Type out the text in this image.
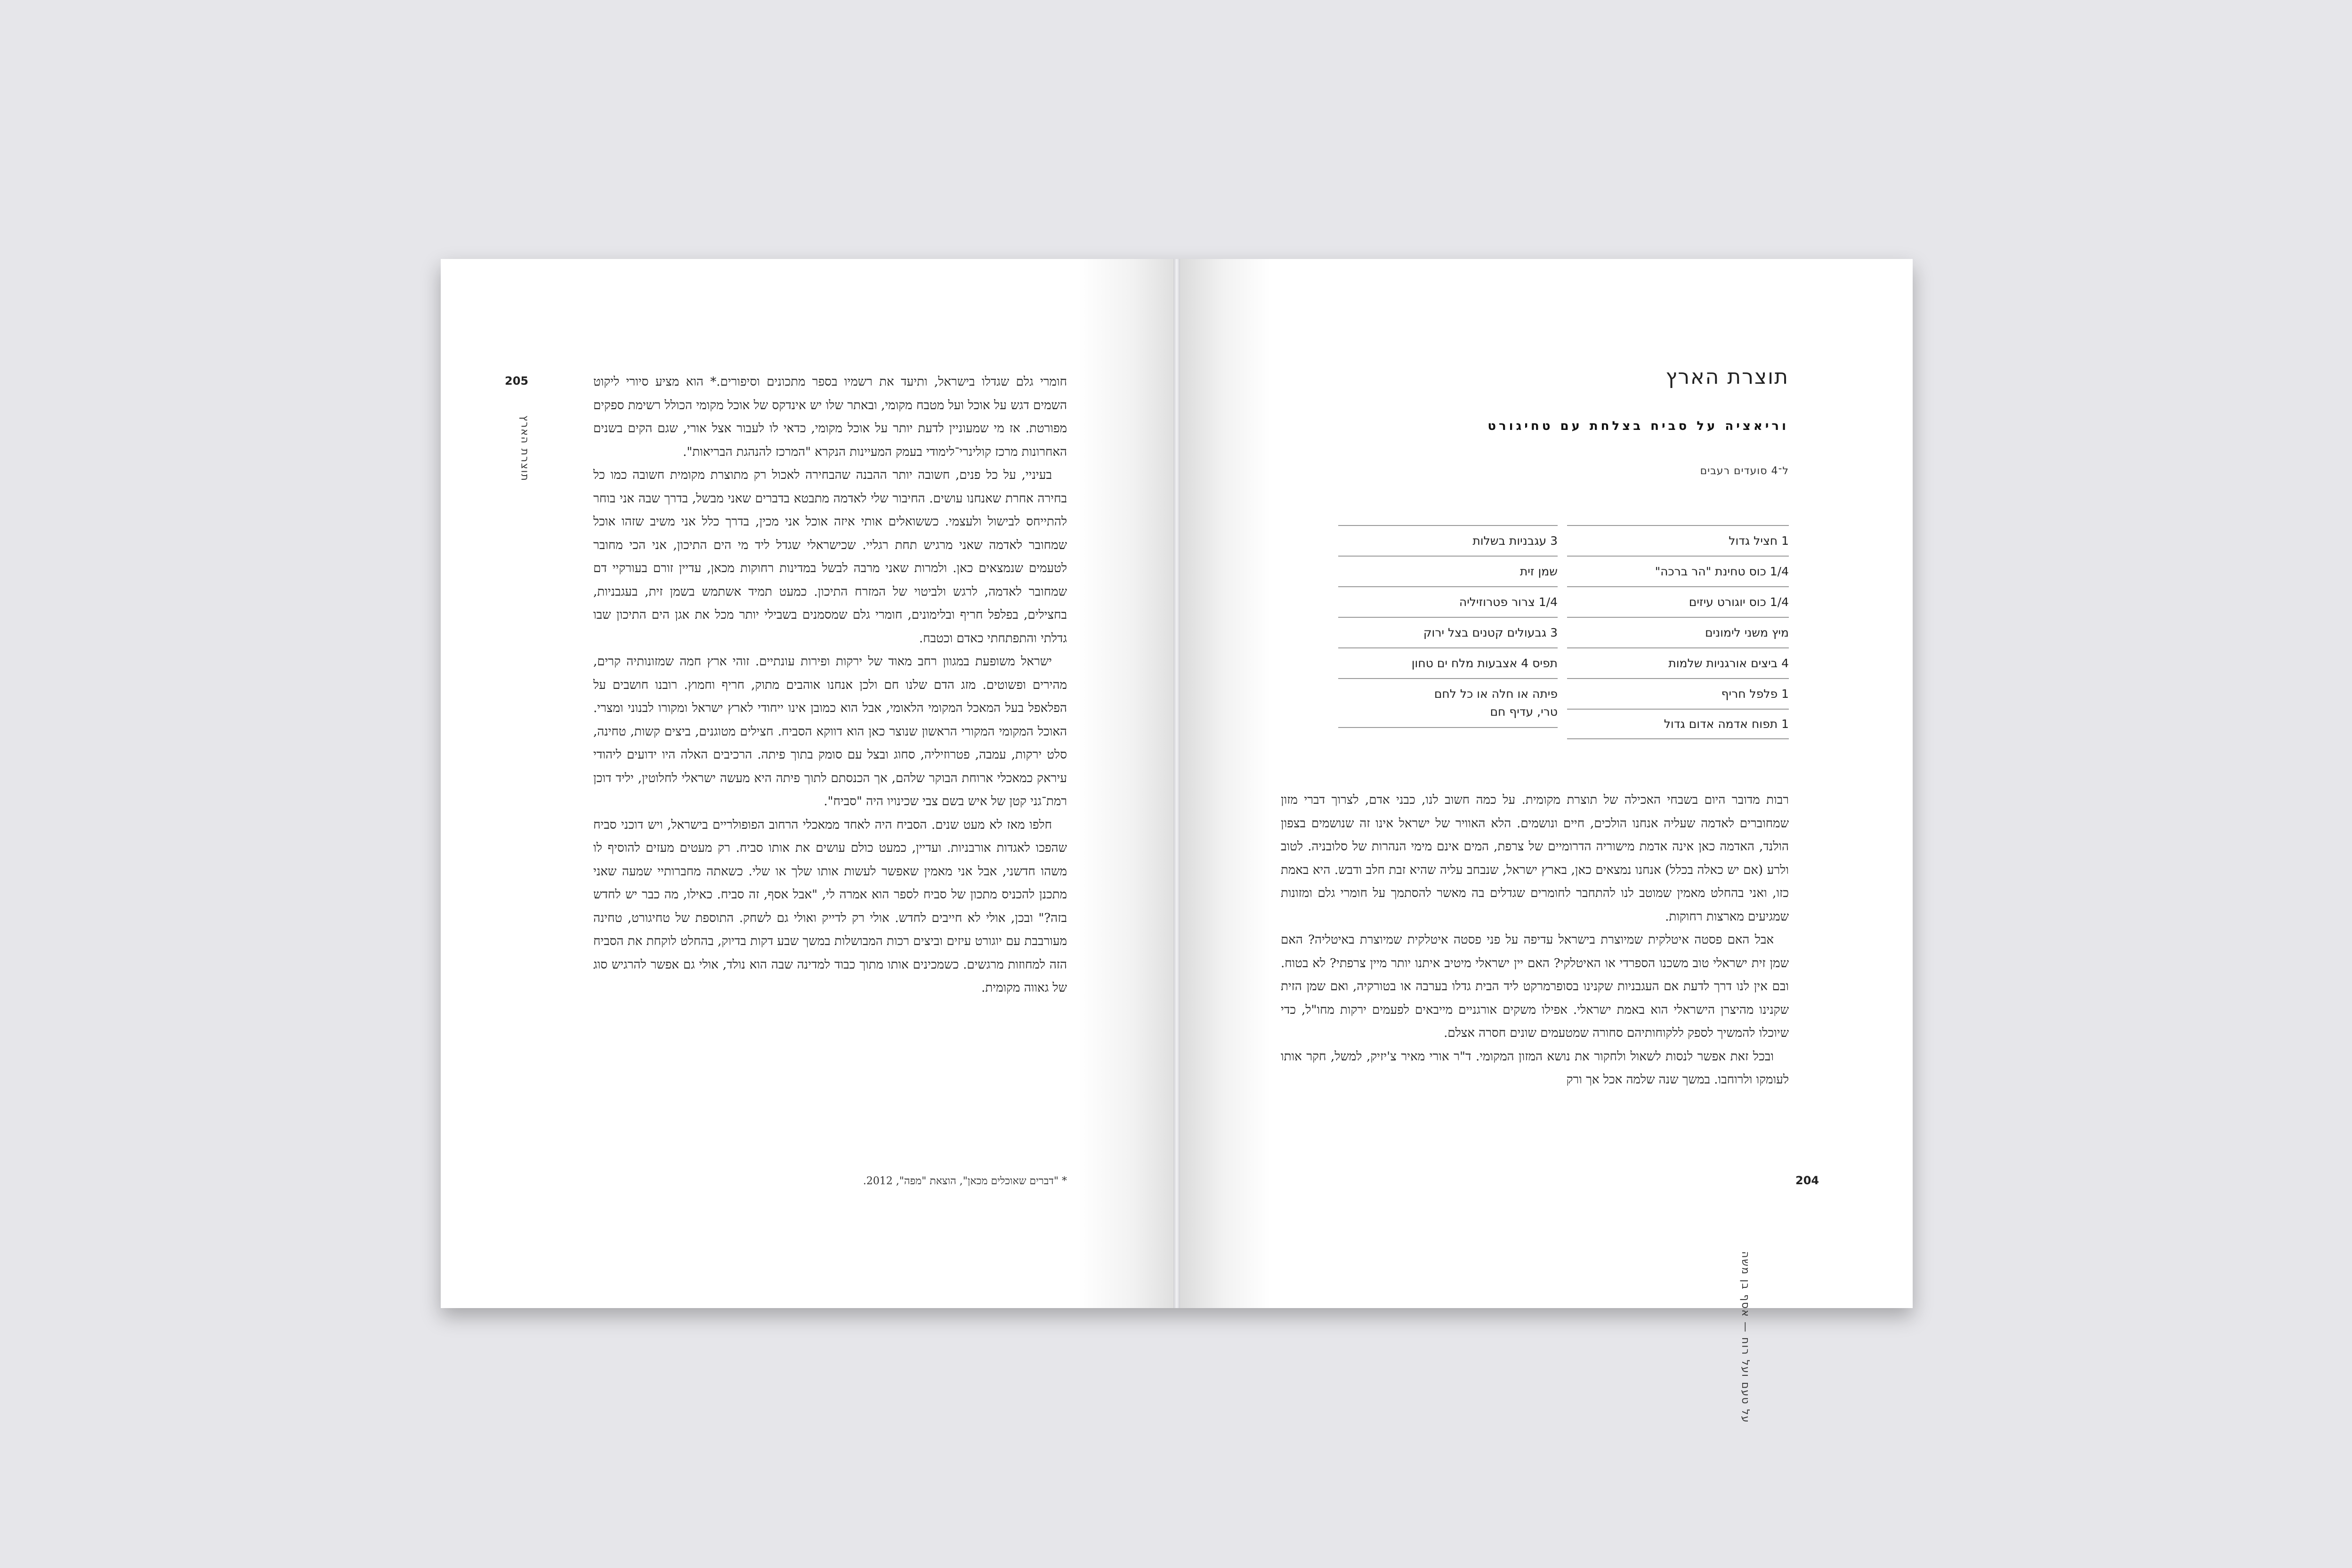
205
תוצרת הארץ

חומרי גלם שגדלו בישראל, ותיעד את רשמיו בספר מתכונים וסיפורים.* הוא מציע סיורי ליקוט השמים דגש על אוכל ועל מטבח מקומי, ובאתר שלו יש אינדקס של אוכל מקומי הכולל רשימת ספקים מפורטת. אז מי שמעוניין לדעת יותר על אוכל מקומי, כדאי לו לעבור אצל אורי, שגם הקים בשנים האחרונות מרכז קולינרי־לימודי בעמק המעיינות הנקרא "המרכז להנהגת הבריאות".

בעיניי, על כל פנים, חשובה יותר ההבנה שהבחירה לאכול רק מתוצרת מקומית חשובה כמו כל בחירה אחרת שאנחנו עושים. החיבור שלי לאדמה מתבטא בדברים שאני מבשל, בדרך שבה אני בוחר להתייחס לבישול ולעצמי. כששואלים אותי איזה אוכל אני מכין, בדרך כלל אני משיב שזהו אוכל שמחובר לאדמה שאני מרגיש תחת רגליי. שכישראלי שגדל ליד מי הים התיכון, אני הכי מחובר לטעמים שנמצאים כאן. ולמרות שאני מרבה לבשל במדינות רחוקות מכאן, עדיין זורם בעורקיי דם שמחובר לאדמה, לרגש ולביטוי של המזרח התיכון. כמעט תמיד אשתמש בשמן זית, בעגבניות, בחצילים, בפלפל חריף ובלימונים, חומרי גלם שמסמנים בשבילי יותר מכל את אגן הים התיכון שבו גדלתי והתפתחתי כאדם וכטבח.

ישראל משופעת במגוון רחב מאוד של ירקות ופירות עונתיים. זוהי ארץ חמה שמזונותיה קרים, מהירים ופשוטים. מזג הדם שלנו חם ולכן אנחנו אוהבים מתוק, חריף וחמוץ. רובנו חושבים על הפלאפל בעל המאכל המקומי הלאומי, אבל הוא כמובן אינו ייחודי לארץ ישראל ומקורו לבנוני ומצרי. האוכל המקומי המקורי הראשון שנוצר כאן הוא דווקא הסביח. חצילים מטוגנים, ביצים קשות, טחינה, סלט ירקות, עמבה, פטרוזיליה, סחוג ובצל עם סומק בתוך פיתה. הרכיבים האלה היו ידועים ליהודי עיראק כמאכלי ארוחת הבוקר שלהם, אך הכנסתם לתוך פיתה היא מעשה ישראלי לחלוטין, יליד דוכן רמת־גני קטן של איש בשם צבי שכינויו היה "סביח".

חלפו מאז לא מעט שנים. הסביח היה לאחד ממאכלי הרחוב הפופולריים בישראל, ויש דוכני סביח שהפכו לאגדות אורבניות. ועדיין, כמעט כולם עושים את אותו סביח. רק מעטים מעזים להוסיף לו משהו חדשני, אבל אני מאמין שאפשר לעשות אותו שלך או שלי. כשאתה מחברותיי שמעה שאני מתכנן להכניס מתכון של סביח לספר הוא אמרה לי, "אבל אסף, זה סביח. כאילו, מה כבר יש לחדש בזה?" ובכן, אולי לא חייבים לחדש. אולי רק לדייק ואולי גם לשחק. התוספת של טחיגורט, טחינה מעורבבת עם יוגורט עיזים וביצים רכות המבושלות במשך שבע דקות בדיוק, בהחלט לוקחת את הסביח הזה למחוזות מרגשים. כשמכינים אותו מתוך כבוד למדינה שבה הוא נולד, אולי גם אפשר להרגיש סוג של גאווה מקומית.

* "דברים שאוכלים מכאן", הוצאת "מפה", 2012.
תוצרת הארץ
וריאציה על סביח בצלחת עם טחיגורט
ל־4 סועדים רעבים
1 חציל גדול
1/4 כוס טחינת "הר ברכה"
1/4 כוס יוגורט עיזים
מיץ משני לימונים
4 ביצים אורגניות שלמות
1 פלפל חריף
1 תפוח אדמה אדום גדול
3 עגבניות בשלות
שמן זית
1/4 צרור פטרוזיליה
3 גבעולים קטנים בצל ירוק
תפיס 4 אצבעות מלח ים טחון
פיתה או חלה או כל לחם טרי, עדיף חם

רבות מדובר היום בשבחי האכילה של תוצרת מקומית. על כמה חשוב לנו, כבני אדם, לצרוך דברי מזון שמחוברים לאדמה שעליה אנחנו הולכים, חיים ונושמים. הלא האוויר של ישראל אינו זה שנושמים בצפון הולנד, האדמה כאן אינה אדמת מישוריה הדרומיים של צרפת, המים אינם מימי הנהרות של סלובניה. לטוב ולרע (אם יש כאלה בכלל) אנחנו נמצאים כאן, בארץ ישראל, שנבחב עליה שהיא זבת חלב ודבש. היא באמת כזו, ואני בהחלט מאמין שמוטב לנו להתחבר לחומרים שגדלים בה מאשר להסתמך על חומרי גלם ומזונות שמגיעים מארצות רחוקות.

אבל האם פסטה איטלקית שמיוצרת בישראל עדיפה על פני פסטה איטלקית שמיוצרת באיטליה? האם שמן זית ישראלי טוב משכנו הספרדי או האיטלקי? האם יין ישראלי מיטיב איתנו יותר מיין צרפתי? לא בטוח. ובם אין לנו דרך לדעת אם העגבניות שקנינו בסופרמרקט ליד הבית גדלו בערבה או בטורקיה, ואם שמן הזית שקנינו מהיצרן הישראלי הוא באמת ישראלי. אפילו משקים אורגניים מייבאים לפעמים ירקות מחו"ל, כדי שיוכלו להמשיך לספק ללקוחותיהם סחורה שמטעמים שונים חסרה אצלם.

ובכל זאת אפשר לנסות לשאול ולחקור את נושא המזון המקומי. ד"ר אורי מאיר צ'יזיק, למשל, חקר אותו לעומקו ולרוחבו. במשך שנה שלמה אכל אך ורק

על טעם ועל רוח — אסף בן משה
204
